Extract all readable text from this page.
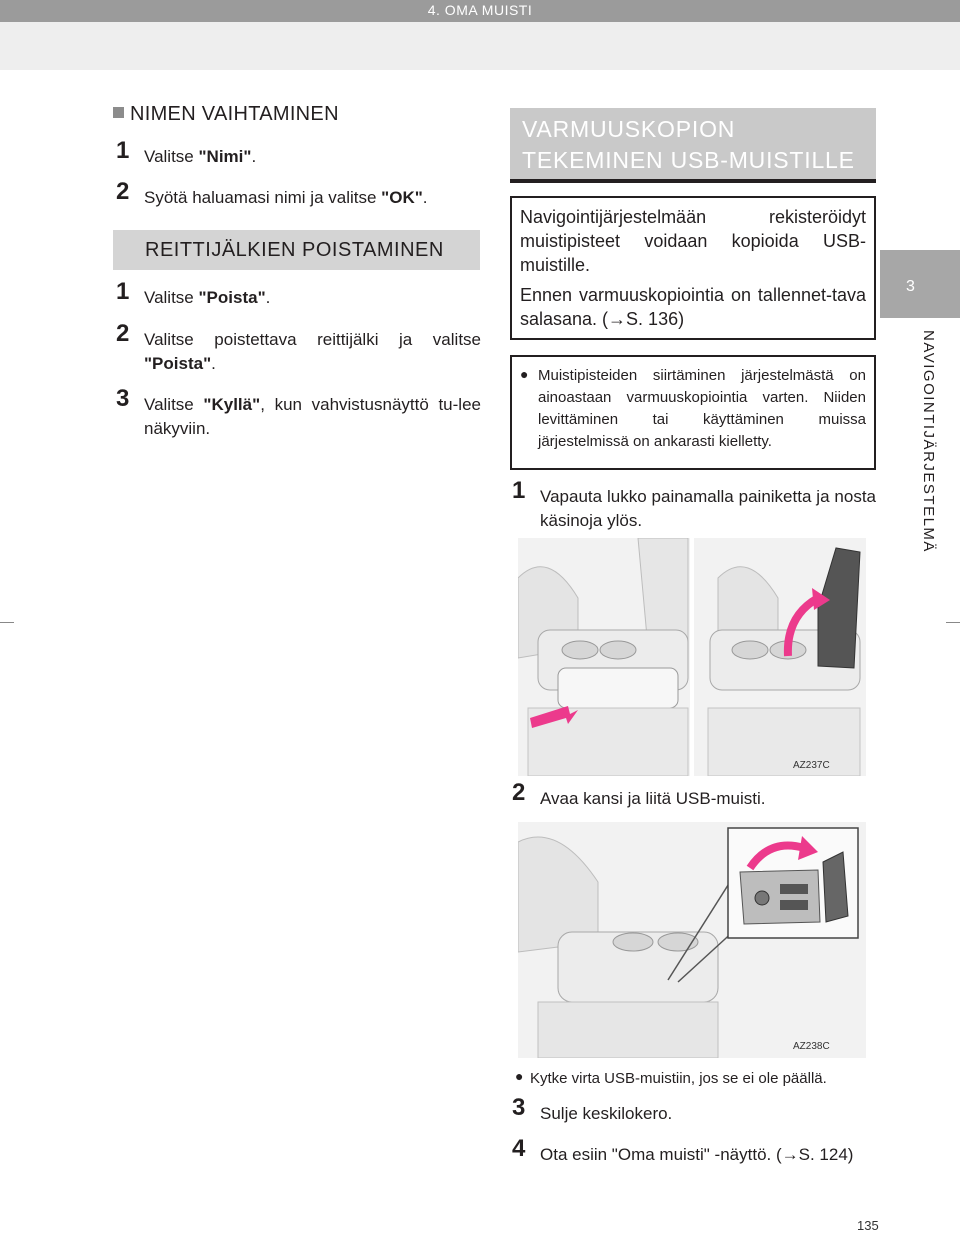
4. OMA MUISTI
3
NAVIGOINTIJÄRJESTELMÄ
NIMEN VAIHTAMINEN
1 Valitse "Nimi".
2 Syötä haluamasi nimi ja valitse "OK".
REITTIJÄLKIEN POISTAMINEN
1 Valitse "Poista".
2 Valitse poistettava reittijälki ja valitse "Poista".
3 Valitse "Kyllä", kun vahvistusnäyttö tu-lee näkyviin.
VARMUUSKOPION
TEKEMINEN USB-MUISTILLE

Navigointijärjestelmään rekisteröidyt muistipisteet voidaan kopioida USB-muistille.

Ennen varmuuskopiointia on tallennet-tava salasana. (→S. 136)

● Muistipisteiden siirtäminen järjestelmästä on ainoastaan varmuuskopiointia varten. Niiden levittäminen tai käyttäminen muissa järjestelmissä on ankarasti kielletty.
1 Vapauta lukko painamalla painiketta ja nosta käsinoja ylös.
AZ237C
2 Avaa kansi ja liitä USB-muisti.
AZ238C
● Kytke virta USB-muistiin, jos se ei ole päällä.
3 Sulje keskilokero.
4 Ota esiin "Oma muisti" -näyttö. (→S. 124)
135
